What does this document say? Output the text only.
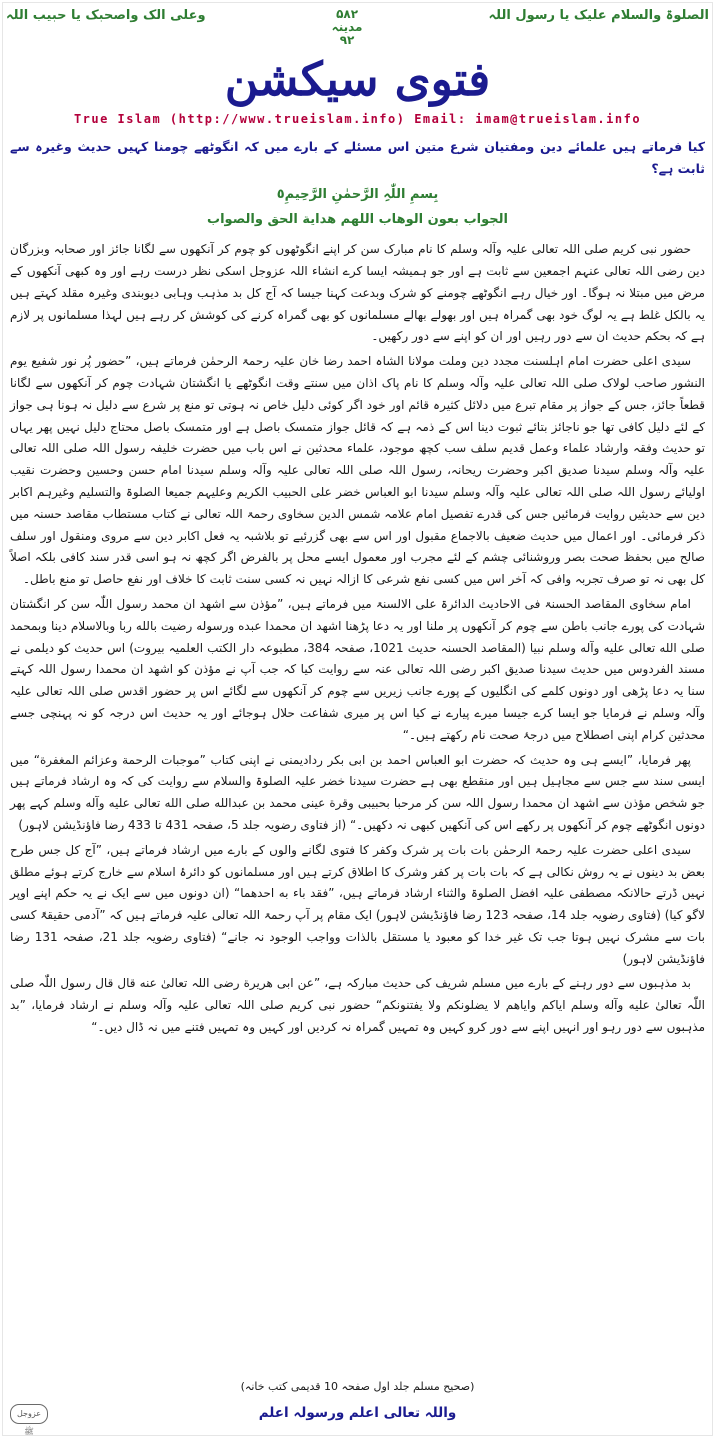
وعلی الک واصحبک یا حبیب اللہ	۵۸۲
مدینہ
۹۲
الصلوۃ والسلام علیک یا رسول اللہ
فتوی سیکشن
True Islam (http://www.trueislam.info) Email: imam@trueislam.info

کیا فرماتے ہیں علمائے دین ومفتیان شرع متین اس مسئلے کے بارے میں کہ انگوٹھے چومنا کہیں حدیث وغیرہ سے ثابت ہے؟

بِسمِ اللّٰہِ الرَّحمٰنِ الرَّحِیمِ٥
الجواب بعون الوهاب اللهم هداية الحق والصواب

حضور نبی کریم صلی اللہ تعالی علیہ وآلہ وسلم کا نام مبارک سن کر اپنے انگوٹھوں کو چوم کر آنکھوں سے لگانا جائز اور صحابہ وبزرگان دین رضی اللہ تعالی عنہم اجمعین سے ثابت ہے اور جو ہمیشہ ایسا کرے انشاء اللہ عزوجل اسکی نظر درست رہے اور وہ کبھی آنکھوں کے مرض میں مبتلا نہ ہوگا۔ اور خیال رہے انگوٹھے چومنے کو شرک وبدعت کہنا جیسا کہ آج کل بد مذہب وہابی دیوبندی وغیرہ مقلد کہتے ہیں یہ بالکل غلط ہے یہ لوگ خود بھی گمراہ ہیں اور بھولے بھالے مسلمانوں کو بھی گمراہ کرنے کی کوشش کر رہے ہیں لہذا مسلمانوں پر لازم ہے کہ بحکم حدیث ان سے دور رہیں اور ان کو اپنے سے دور رکھیں۔

سیدی اعلی حضرت امام اہلسنت مجدد دین وملت مولانا الشاہ احمد رضا خان علیہ رحمۃ الرحمٰن فرماتے ہیں، ”حضور پُر نور شفیع یوم النشور صاحب لولاک صلی اللہ تعالی علیہ وآلہ وسلم کا نام پاک اذان میں سنتے وقت انگوٹھے یا انگشتان شہادت چوم کر آنکھوں سے لگانا قطعاً جائز، جس کے جواز پر مقام تبرع میں دلائل کثیرہ قائم اور خود اگر کوئی دلیل خاص نہ ہوتی تو منع پر شرع سے دلیل نہ ہونا ہی جواز کے لئے دلیل کافی تھا جو ناجائز بتائے ثبوت دینا اس کے ذمہ ہے کہ قائل جواز متمسک باصل ہے اور متمسک باصل محتاج دلیل نہیں پھر یہاں تو حدیث وفقہ وارشاد علماء وعمل قدیم سلف سب کچھ موجود، علماء محدثین نے اس باب میں حضرت خلیفہ رسول اللہ صلی اللہ تعالی علیہ وآلہ وسلم سیدنا صدیق اکبر وحضرت ریحانہ، رسول اللہ صلی اللہ تعالی علیہ وآلہ وسلم سیدنا امام حسن وحسین وحضرت نقیب اولیائے رسول اللہ صلی اللہ تعالی علیہ وآلہ وسلم سیدنا ابو العباس خضر علی الحبیب الکریم وعلیہم جمیعا الصلوۃ والتسلیم وغیرہم اکابر دین سے حدیثیں روایت فرمائیں جس کی قدرے تفصیل امام علامہ شمس الدین سخاوی رحمۃ اللہ تعالی نے کتاب مستطاب مقاصد حسنہ میں ذکر فرمائی۔ اور اعمال میں حدیث ضعیف بالاجماع مقبول اور اس سے بھی گزرئیے تو بلاشبہ یہ فعل اکابر دین سے مروی ومنقول اور سلف صالح میں بحفظ صحت بصر وروشنائی چشم کے لئے مجرب اور معمول ایسے محل پر بالفرض اگر کچھ نہ ہو اسی قدر سند کافی بلکہ اصلاً کل بھی نہ تو صرف تجربہ وافی کہ آخر اس میں کسی نفع شرعی کا ازالہ نہیں نہ کسی سنت ثابت کا خلاف اور نفع حاصل تو منع باطل۔

امام سخاوی المقاصد الحسنۃ فی الاحادیث الدائرۃ علی الالسنۃ میں فرماتے ہیں، ”مؤذن سے اشهد ان محمد رسول اللّٰہ سن کر انگشتان شہادت کی پورے جانب باطن سے چوم کر آنکھوں پر ملنا اور یہ دعا پڑھنا اشهد ان محمدا عبده ورسوله رضيت بالله ربا وبالاسلام دينا وبمحمد صلى الله تعالى عليه وآله وسلم نبيا (المقاصد الحسنہ حدیث 1021، صفحہ 384، مطبوعہ دار الکتب العلمیہ بیروت) اس حدیث کو دیلمی نے مسند الفردوس میں حدیث سیدنا صدیق اکبر رضی اللہ تعالی عنہ سے روایت کیا کہ جب آپ نے مؤذن کو اشهد ان محمدا رسول اللہ کہتے سنا یہ دعا پڑھی اور دونوں کلمے کی انگلیوں کے پورے جانب زیریں سے چوم کر آنکھوں سے لگائے اس پر حضور اقدس صلی اللہ تعالی علیہ وآلہ وسلم نے فرمایا جو ایسا کرے جیسا میرے پیارے نے کیا اس پر میری شفاعت حلال ہوجائے اور یہ حدیث اس درجہ کو نہ پہنچی جسے محدثین کرام اپنی اصطلاح میں درجۂ صحت نام رکھتے ہیں۔“

پھر فرمایا، ”ایسے ہی وہ حدیث کہ حضرت ابو العباس احمد بن ابی بکر ردادیمنی نے اپنی کتاب ”موجبات الرحمة وعزائم المغفرة“ میں ایسی سند سے جس سے مجاہیل ہیں اور منقطع بھی ہے حضرت سیدنا خضر علیہ الصلوۃ والسلام سے روایت کی کہ وہ ارشاد فرماتے ہیں جو شخص مؤذن سے اشهد ان محمدا رسول اللہ سن کر مرحبا بحبیبی وقرة عینی محمد بن عبدالله صلى الله تعالى عليه وآله وسلم کہے پھر دونوں انگوٹھے چوم کر آنکھوں پر رکھے اس کی آنکھیں کبھی نہ دکھیں۔“ (از فتاوی رضویہ جلد 5، صفحہ 431 تا 433 رضا فاؤنڈیشن لاہور)

سیدی اعلی حضرت علیہ رحمۃ الرحمٰن بات بات پر شرک وکفر کا فتوی لگانے والوں کے بارے میں ارشاد فرماتے ہیں، ”آج کل جس طرح بعض بد دینوں نے یہ روش نکالی ہے کہ بات بات پر کفر وشرک کا اطلاق کرتے ہیں اور مسلمانوں کو دائرۂ اسلام سے خارج کرتے ہوئے مطلق نہیں ڈرتے حالانکہ مصطفی علیہ افضل الصلوۃ والثناء ارشاد فرماتے ہیں، ”فقد باء به احدهما“ (ان دونوں میں سے ایک نے یہ حکم اپنے اوپر لاگو کیا) (فتاوی رضویہ جلد 14، صفحہ 123 رضا فاؤنڈیشن لاہور) ایک مقام پر آپ رحمۃ اللہ تعالی علیہ فرماتے ہیں کہ ”آدمی حقیقۃً کسی بات سے مشرک نہیں ہوتا جب تک غیر خدا کو معبود یا مستقل بالذات وواجب الوجود نہ جانے“ (فتاوی رضویہ جلد 21، صفحہ 131 رضا فاؤنڈیشن لاہور)

بد مذہبوں سے دور رہنے کے بارے میں مسلم شریف کی حدیث مبارکہ ہے، ”عن ابی هريرة رضی اللہ تعالیٰ عنه قال قال رسول اللّٰہ صلی اللّٰہ تعالیٰ علیه وآله وسلم ایاکم وایاهم لا یضلونکم ولا یفتنونکم“ حضور نبی کریم صلی اللہ تعالی علیہ وآلہ وسلم نے ارشاد فرمایا، ”بد مذہبوں سے دور رہو اور انہیں اپنے سے دور کرو کہیں وہ تمہیں گمراہ نہ کردیں اور کہیں وہ تمہیں فتنے میں نہ ڈال دیں۔“

(صحیح مسلم جلد اول صفحہ 10 قدیمی کتب خانہ)
واللہ تعالی اعلم ورسولہ اعلم
عزوجل ﷺ
